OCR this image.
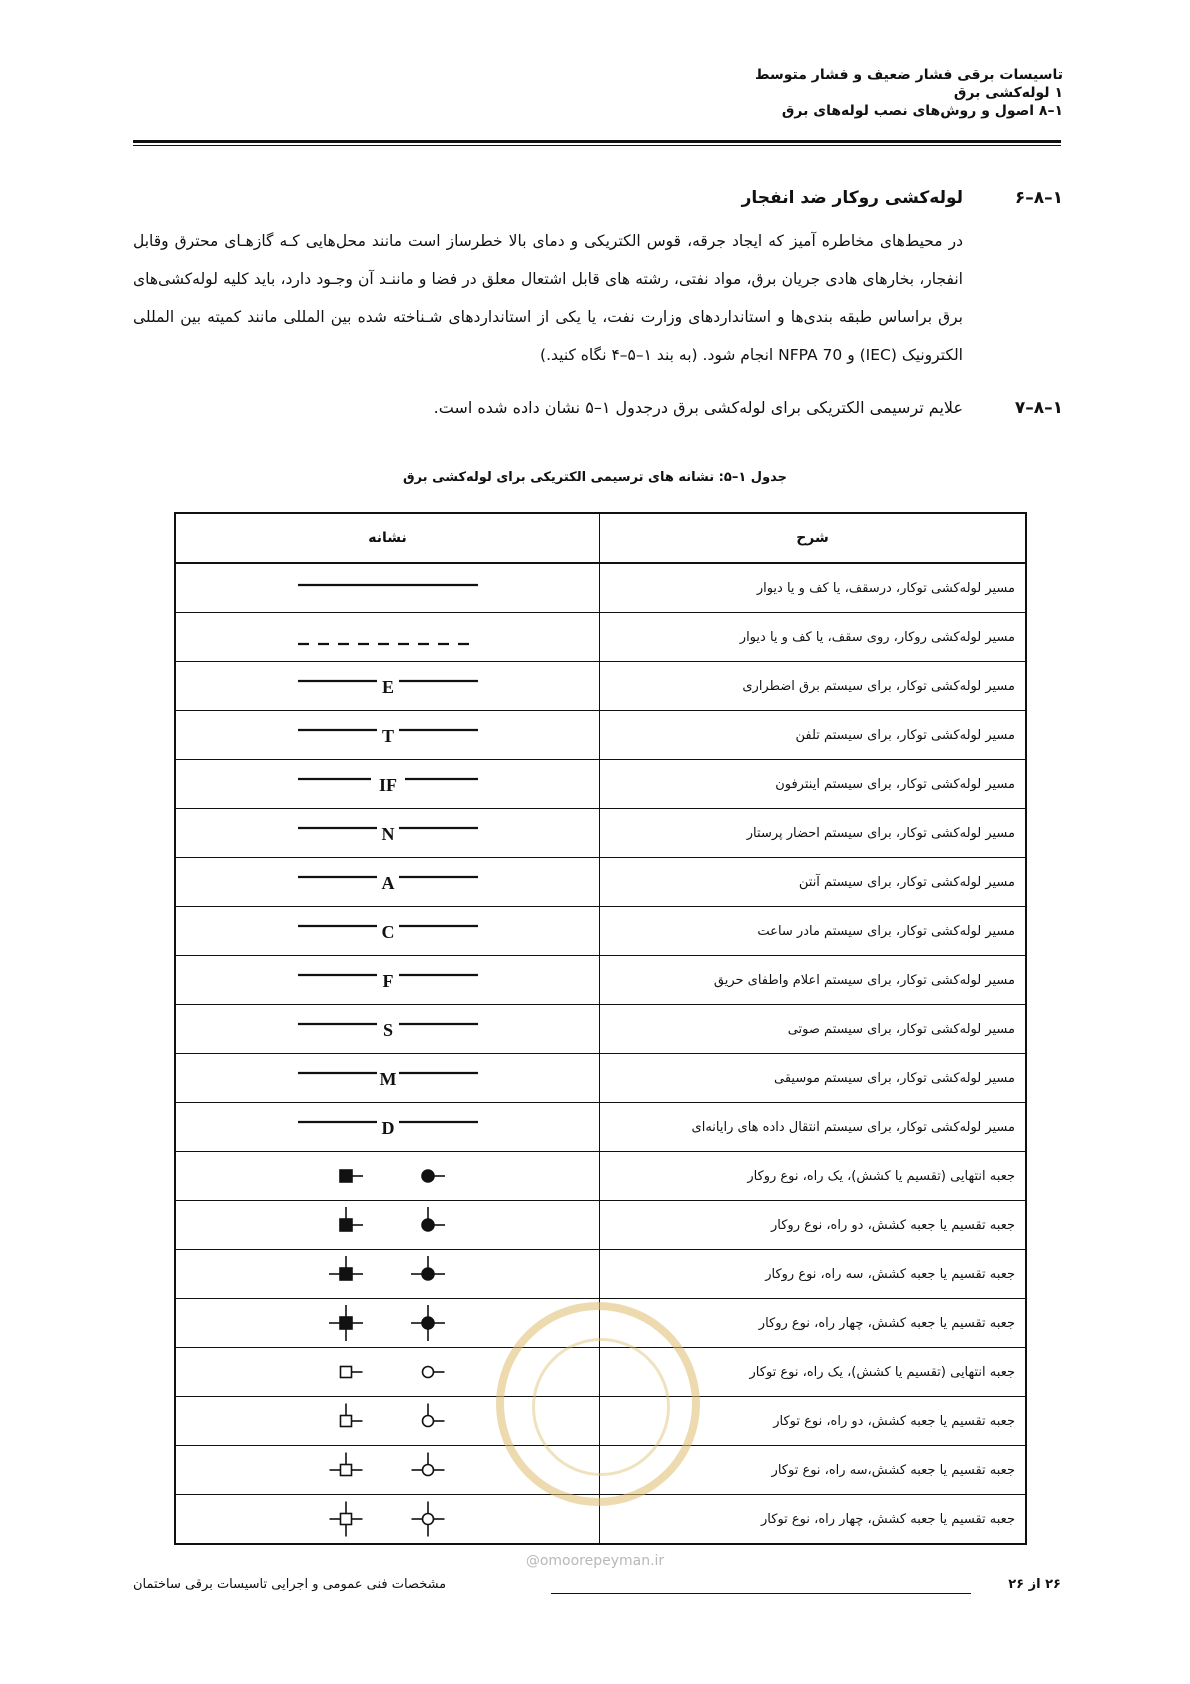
تاسیسات برقی فشار ضعیف و فشار متوسط
۱ لوله‌کشی برق
۱–۸ اصول و روش‌های نصب لوله‌های برق
۱–۸–۶
لوله‌کشی روکار ضد انفجار
در محیط‌های مخاطره آمیز که ایجاد جرقه، قوس الکتریکی و دمای بالا خطرساز است مانند محل‌هایی کـه گازهـای محترق وقابل انفجار، بخارهای هادی جریان برق، مواد نفتی، رشته های قابل اشتعال معلق در فضا و ماننـد آن وجـود دارد، باید کلیه لوله‌کشی‌های برق براساس طبقه بندی‌ها و استانداردهای وزارت نفت، یا یکی از استانداردهای شـناخته شده بین المللی مانند کمیته بین المللی الکترونیک (IEC) و NFPA 70 انجام شود. (به بند ۱–۵–۴ نگاه کنید.)
۱–۸–۷
علایم ترسیمی الکتریکی برای لوله‌کشی برق درجدول ۱–۵ نشان داده شده است.
جدول ۱–۵: نشانه های ترسیمی الکتریکی برای لوله‌کشی برق
نشانه	شرح

	مسیر لوله‌کشی توکار، درسقف، یا کف و یا دیوار

	مسیر لوله‌کشی روکار، روی سقف، یا کف و یا دیوار

E	مسیر لوله‌کشی توکار، برای سیستم برق اضطراری

T	مسیر لوله‌کشی توکار، برای سیستم تلفن

IF	مسیر لوله‌کشی توکار، برای سیستم اینترفون

N	مسیر لوله‌کشی توکار، برای سیستم احضار پرستار

A	مسیر لوله‌کشی توکار، برای سیستم آنتن

C	مسیر لوله‌کشی توکار، برای سیستم مادر ساعت

F	مسیر لوله‌کشی توکار، برای سیستم اعلام واطفای حریق

S	مسیر لوله‌کشی توکار، برای سیستم صوتی

M	مسیر لوله‌کشی توکار، برای سیستم موسیقی

D	مسیر لوله‌کشی توکار، برای سیستم انتقال داده های رایانه‌ای

	جعبه انتهایی (تقسیم یا کشش)، یک راه، نوع روکار

	جعبه تقسیم یا جعبه کشش، دو راه، نوع روکار

	جعبه تقسیم یا جعبه کشش، سه راه، نوع روکار

	جعبه تقسیم یا جعبه کشش، چهار راه، نوع روکار

	جعبه انتهایی (تقسیم یا کشش)، یک راه، نوع توکار

	جعبه تقسیم یا جعبه کشش، دو راه، نوع توکار

	جعبه تقسیم یا جعبه کشش،سه راه، نوع توکار

	جعبه تقسیم یا جعبه کشش، چهار راه، نوع توکار
@omoorepeyman.ir
۲۶ از ۲۶
مشخصات فنی عمومی و اجرایی تاسیسات برقی ساختمان
